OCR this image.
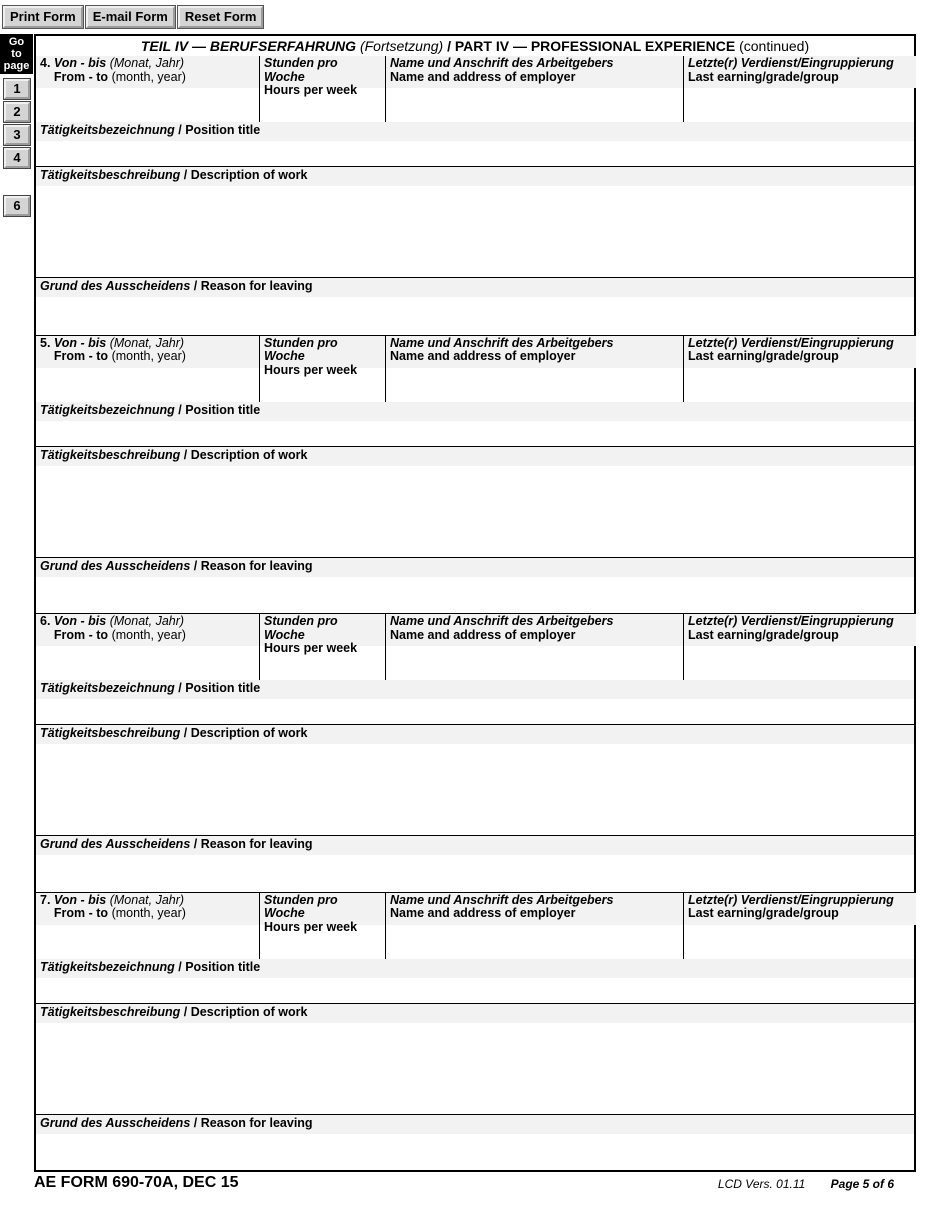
Print Form	E-mail Form	Reset Form
Go
to
page
1
2
3
4
6
TEIL IV — BERUFSERFAHRUNG (Fortsetzung) / PART IV — PROFESSIONAL EXPERIENCE (continued)
4. Von - bis (Monat, Jahr)
From - to (month, year)
Stunden pro Woche
Hours per week
Name und Anschrift des Arbeitgebers
Name and address of employer
Letzte(r) Verdienst/Eingruppierung
Last earning/grade/group
Tätigkeitsbezeichnung / Position title
Tätigkeitsbeschreibung / Description of work
Grund des Ausscheidens / Reason for leaving
5. Von - bis (Monat, Jahr)
From - to (month, year)
Stunden pro Woche
Hours per week
Name und Anschrift des Arbeitgebers
Name and address of employer
Letzte(r) Verdienst/Eingruppierung
Last earning/grade/group
Tätigkeitsbezeichnung / Position title
Tätigkeitsbeschreibung / Description of work
Grund des Ausscheidens / Reason for leaving
6. Von - bis (Monat, Jahr)
From - to (month, year)
Stunden pro Woche
Hours per week
Name und Anschrift des Arbeitgebers
Name and address of employer
Letzte(r) Verdienst/Eingruppierung
Last earning/grade/group
Tätigkeitsbezeichnung / Position title
Tätigkeitsbeschreibung / Description of work
Grund des Ausscheidens / Reason for leaving
7. Von - bis (Monat, Jahr)
From - to (month, year)
Stunden pro Woche
Hours per week
Name und Anschrift des Arbeitgebers
Name and address of employer
Letzte(r) Verdienst/Eingruppierung
Last earning/grade/group
Tätigkeitsbezeichnung / Position title
Tätigkeitsbeschreibung / Description of work
Grund des Ausscheidens / Reason for leaving
AE FORM 690-70A, DEC 15	LCD Vers. 01.11 Page 5 of 6
